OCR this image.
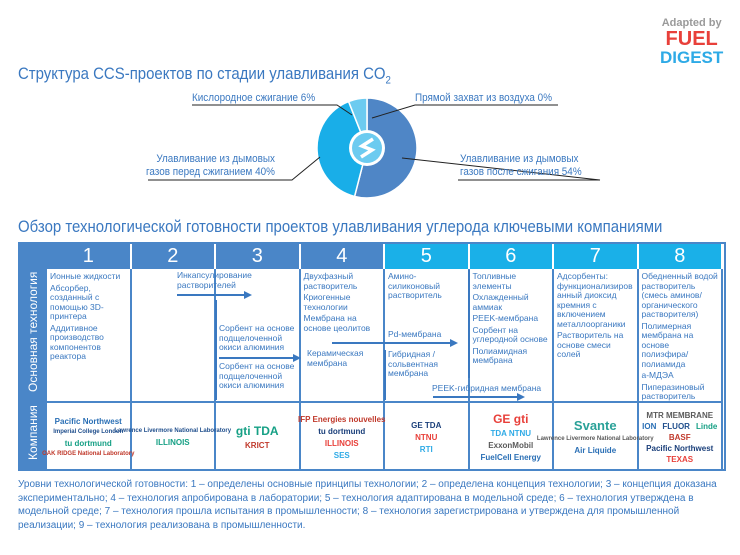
Adapted by
FUEL
DIGEST
Структура CCS-проектов по стадии улавливания $CO_2$
Кислородное сжигание 6%	Прямой захват из воздуха 0%
Улавливание из дымовых
газов перед сжиганием 40%
Улавливание из дымовых
газов после сжигания 54%
Обзор технологической готовности проектов улавливания углерода ключевыми компаниями
Основная технология
Компания
1
Ионные жидкости
Абсорбер, созданный с помощью 3D-принтера
Аддитивное производство компонентов реактора
Pacific Northwest
Imperial College London
tu dortmund
OAK RIDGE National Laboratory
2
Lawrence Livermore National Laboratory
ILLINOIS
3
gti TDA
KRICT
4
Двухфазный растворитель
Криогенные технологии
Мембрана на основе цеолитов
IFP Energies nouvelles
tu dortmund
ILLINOIS
SES
5
Амино-силиконовый растворитель
GE TDA
NTNU
RTI
6
Топливные элементы
Охлажденный аммиак
PEEK-мембрана
Сорбент на углеродной основе
Полиамидная мембрана
GE gti
TDA NTNU
ExxonMobil
FuelCell Energy
7
Адсорбенты: функционализированный диоксид кремния с включением металлоорганики
Растворитель на основе смеси солей
Svante
Lawrence Livermore National Laboratory
Air Liquide
8
Обедненный водой растворитель (смесь аминов/органического растворителя)
Полимерная мембрана на основе полиэфира/полиамида
а-МДЭА
Пиперазиновый растворитель
MTR MEMBRANE
ION FLUOR Linde
BASF
Pacific Northwest
TEXAS
Инкапсулирование растворителей
Сорбент на основе подщелоченной окиси алюминия
Сорбент на основе подщелоченной окиси алюминия
Керамическая мембрана
Pd-мембрана
Гибридная / сольвентная мембрана
PEEK-гибридная мембрана
Уровни технологической готовности: 1 – определены основные принципы технологии; 2 – определена концепция технологии; 3 – концепция доказана экспериментально; 4 – технология апробирована в лаборатории; 5 – технология адаптирована в модельной среде; 6 – технология утверждена в модельной среде; 7 – технология прошла испытания в промышленности; 8 – технология зарегистрирована и утверждена для промышленной реализации; 9 – технология реализована в промышленности.
